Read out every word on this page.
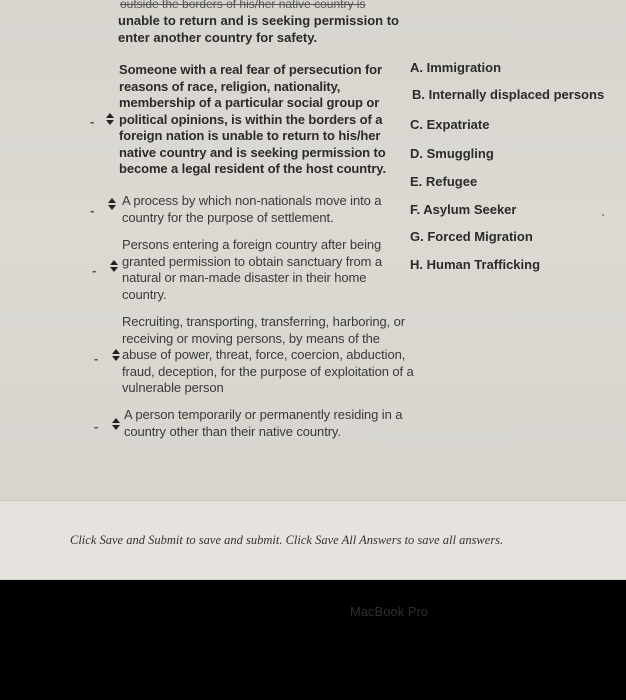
outside the borders of his/her native country is
unable to return and is seeking permission to enter another country for safety.
-
Someone with a real fear of persecution for reasons of race, religion, nationality, membership of a particular social group or political opinions, is within the borders of a foreign nation is unable to return to his/her native country and is seeking permission to become a legal resident of the host country.
-
A process by which non-nationals move into a country for the purpose of settlement.
-
Persons entering a foreign country after being granted permission to obtain sanctuary from a natural or man-made disaster in their home country.
-
Recruiting, transporting, transferring, harboring, or receiving or moving persons, by means of the abuse of power, threat, force, coercion, abduction, fraud, deception, for the purpose of exploitation of a vulnerable person
-
A person temporarily or permanently residing in a country other than their native country.
A. Immigration
B. Internally displaced persons
C. Expatriate
D. Smuggling
E. Refugee
F. Asylum Seeker
G. Forced Migration
H. Human Trafficking
Click Save and Submit to save and submit. Click Save All Answers to save all answers.
MacBook Pro
